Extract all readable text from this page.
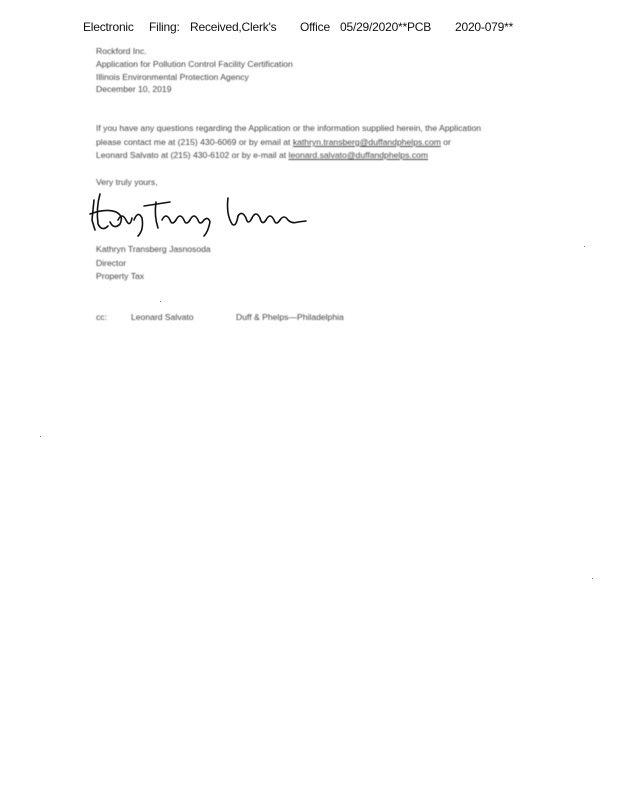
Electronic Filing: Received,Clerk's Office 05/29/2020**PCB 2020-079**
Rockford Inc.
Application for Pollution Control Facility Certification
Illinois Environmental Protection Agency
December 10, 2019
If you have any questions regarding the Application or the information supplied herein, the Application
please contact me at (215) 430-6069 or by email at kathryn.transberg@duffandphelps.com or
Leonard Salvato at (215) 430-6102 or by e-mail at leonard.salvato@duffandphelps.com
Very truly yours,
Kathryn Transberg Jasnosoda
Director
Property Tax
cc:	Leonard Salvato	Duff & Phelps—Philadelphia
